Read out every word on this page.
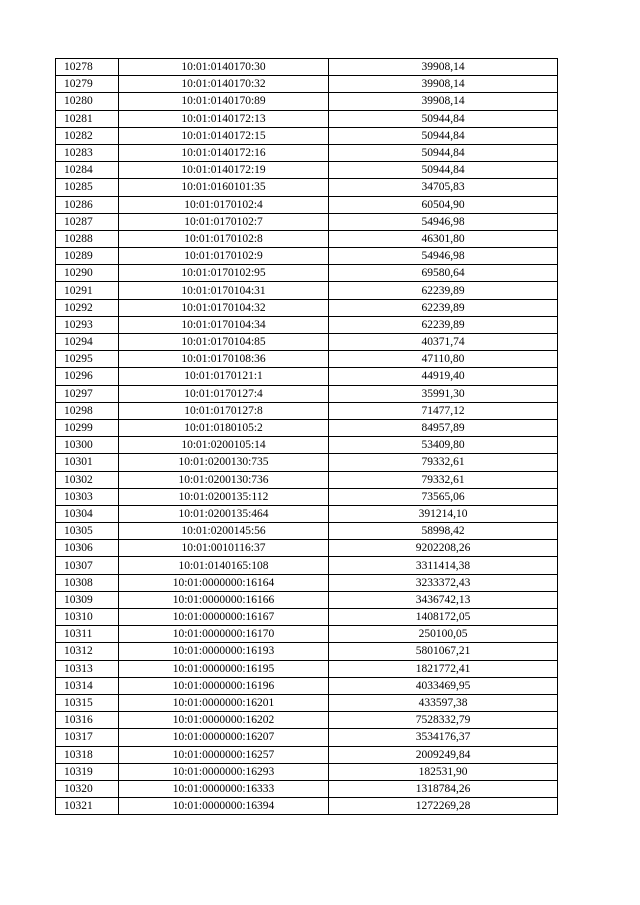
10278	10:01:0140170:30	39908,14
10279	10:01:0140170:32	39908,14
10280	10:01:0140170:89	39908,14
10281	10:01:0140172:13	50944,84
10282	10:01:0140172:15	50944,84
10283	10:01:0140172:16	50944,84
10284	10:01:0140172:19	50944,84
10285	10:01:0160101:35	34705,83
10286	10:01:0170102:4	60504,90
10287	10:01:0170102:7	54946,98
10288	10:01:0170102:8	46301,80
10289	10:01:0170102:9	54946,98
10290	10:01:0170102:95	69580,64
10291	10:01:0170104:31	62239,89
10292	10:01:0170104:32	62239,89
10293	10:01:0170104:34	62239,89
10294	10:01:0170104:85	40371,74
10295	10:01:0170108:36	47110,80
10296	10:01:0170121:1	44919,40
10297	10:01:0170127:4	35991,30
10298	10:01:0170127:8	71477,12
10299	10:01:0180105:2	84957,89
10300	10:01:0200105:14	53409,80
10301	10:01:0200130:735	79332,61
10302	10:01:0200130:736	79332,61
10303	10:01:0200135:112	73565,06
10304	10:01:0200135:464	391214,10
10305	10:01:0200145:56	58998,42
10306	10:01:0010116:37	9202208,26
10307	10:01:0140165:108	3311414,38
10308	10:01:0000000:16164	3233372,43
10309	10:01:0000000:16166	3436742,13
10310	10:01:0000000:16167	1408172,05
10311	10:01:0000000:16170	250100,05
10312	10:01:0000000:16193	5801067,21
10313	10:01:0000000:16195	1821772,41
10314	10:01:0000000:16196	4033469,95
10315	10:01:0000000:16201	433597,38
10316	10:01:0000000:16202	7528332,79
10317	10:01:0000000:16207	3534176,37
10318	10:01:0000000:16257	2009249,84
10319	10:01:0000000:16293	182531,90
10320	10:01:0000000:16333	1318784,26
10321	10:01:0000000:16394	1272269,28
